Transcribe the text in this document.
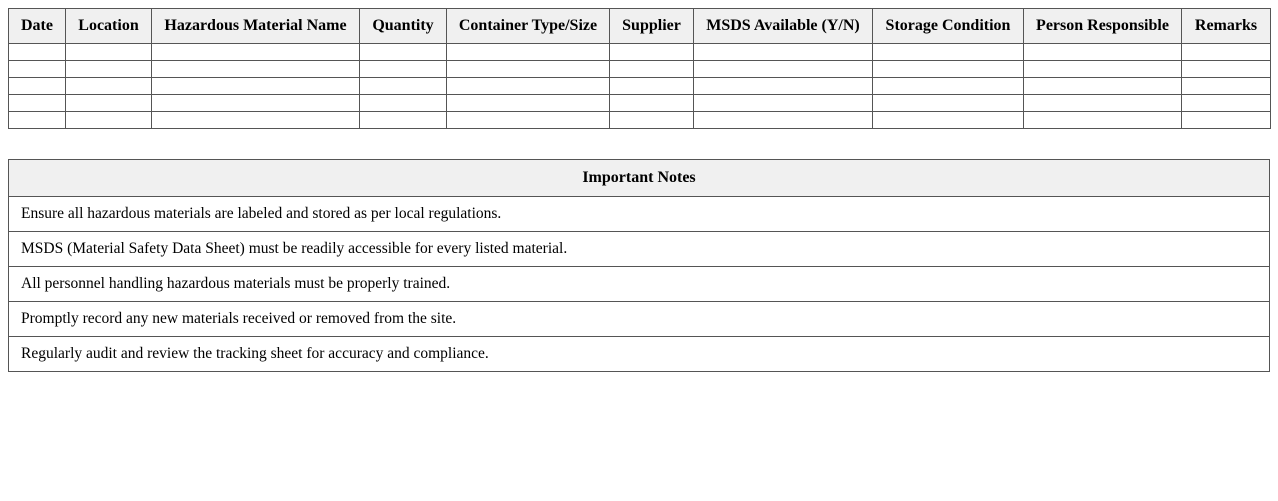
Date	Location	Hazardous Material Name	Quantity	Container Type/Size	Supplier	MSDS Available (Y/N)	Storage Condition	Person Responsible	Remarks

Important Notes
Ensure all hazardous materials are labeled and stored as per local regulations.
MSDS (Material Safety Data Sheet) must be readily accessible for every listed material.
All personnel handling hazardous materials must be properly trained.
Promptly record any new materials received or removed from the site.
Regularly audit and review the tracking sheet for accuracy and compliance.
